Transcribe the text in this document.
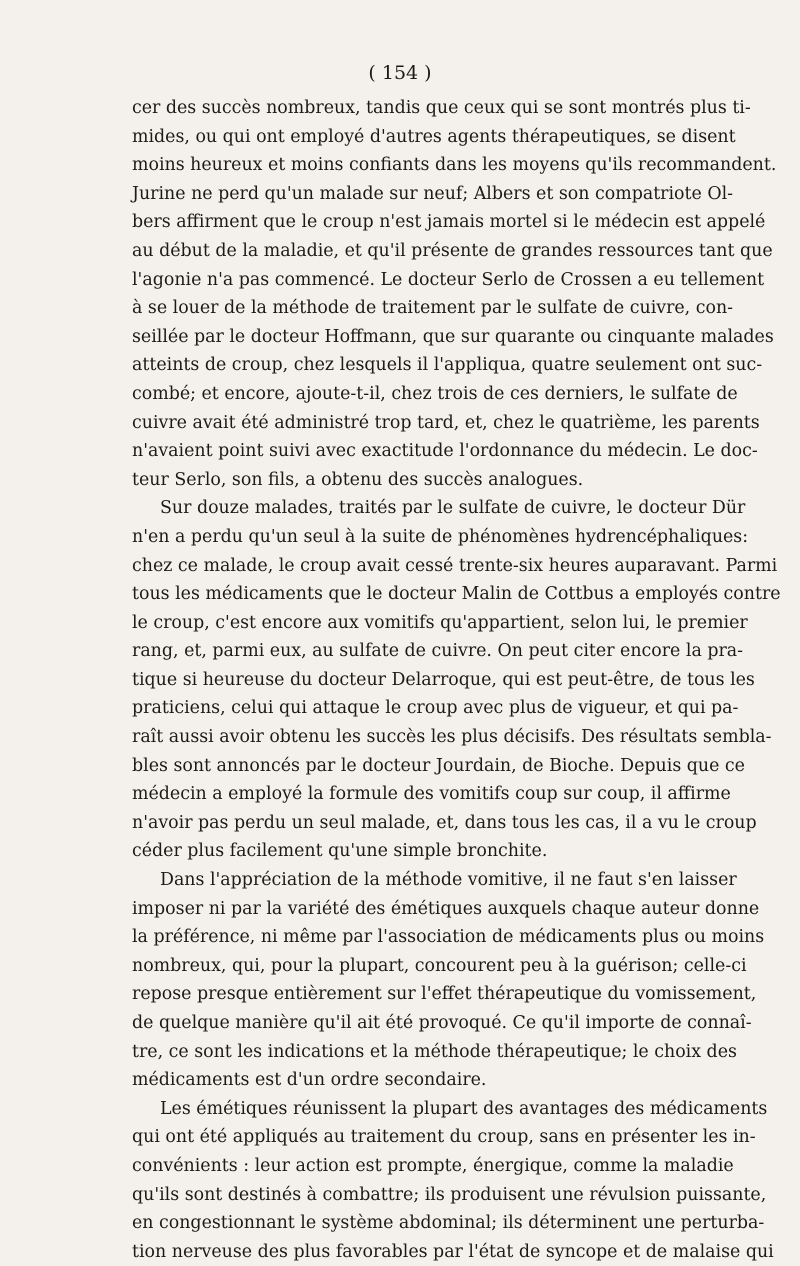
( 154 )
cer des succès nombreux, tandis que ceux qui se sont montrés plus ti-
mides, ou qui ont employé d'autres agents thérapeutiques, se disent
moins heureux et moins confiants dans les moyens qu'ils recommandent.
Jurine ne perd qu'un malade sur neuf; Albers et son compatriote Ol-
bers affirment que le croup n'est jamais mortel si le médecin est appelé
au début de la maladie, et qu'il présente de grandes ressources tant que
l'agonie n'a pas commencé. Le docteur Serlo de Crossen a eu tellement
à se louer de la méthode de traitement par le sulfate de cuivre, con-
seillée par le docteur Hoffmann, que sur quarante ou cinquante malades
atteints de croup, chez lesquels il l'appliqua, quatre seulement ont suc-
combé; et encore, ajoute-t-il, chez trois de ces derniers, le sulfate de
cuivre avait été administré trop tard, et, chez le quatrième, les parents
n'avaient point suivi avec exactitude l'ordonnance du médecin. Le doc-
teur Serlo, son fils, a obtenu des succès analogues.
Sur douze malades, traités par le sulfate de cuivre, le docteur Dür
n'en a perdu qu'un seul à la suite de phénomènes hydrencéphaliques:
chez ce malade, le croup avait cessé trente-six heures auparavant. Parmi
tous les médicaments que le docteur Malin de Cottbus a employés contre
le croup, c'est encore aux vomitifs qu'appartient, selon lui, le premier
rang, et, parmi eux, au sulfate de cuivre. On peut citer encore la pra-
tique si heureuse du docteur Delarroque, qui est peut-être, de tous les
praticiens, celui qui attaque le croup avec plus de vigueur, et qui pa-
raît aussi avoir obtenu les succès les plus décisifs. Des résultats sembla-
bles sont annoncés par le docteur Jourdain, de Bioche. Depuis que ce
médecin a employé la formule des vomitifs coup sur coup, il affirme
n'avoir pas perdu un seul malade, et, dans tous les cas, il a vu le croup
céder plus facilement qu'une simple bronchite.
Dans l'appréciation de la méthode vomitive, il ne faut s'en laisser
imposer ni par la variété des émétiques auxquels chaque auteur donne
la préférence, ni même par l'association de médicaments plus ou moins
nombreux, qui, pour la plupart, concourent peu à la guérison; celle-ci
repose presque entièrement sur l'effet thérapeutique du vomissement,
de quelque manière qu'il ait été provoqué. Ce qu'il importe de connaî-
tre, ce sont les indications et la méthode thérapeutique; le choix des
médicaments est d'un ordre secondaire.
Les émétiques réunissent la plupart des avantages des médicaments
qui ont été appliqués au traitement du croup, sans en présenter les in-
convénients : leur action est prompte, énergique, comme la maladie
qu'ils sont destinés à combattre; ils produisent une révulsion puissante,
en congestionnant le système abdominal; ils déterminent une perturba-
tion nerveuse des plus favorables par l'état de syncope et de malaise qui
